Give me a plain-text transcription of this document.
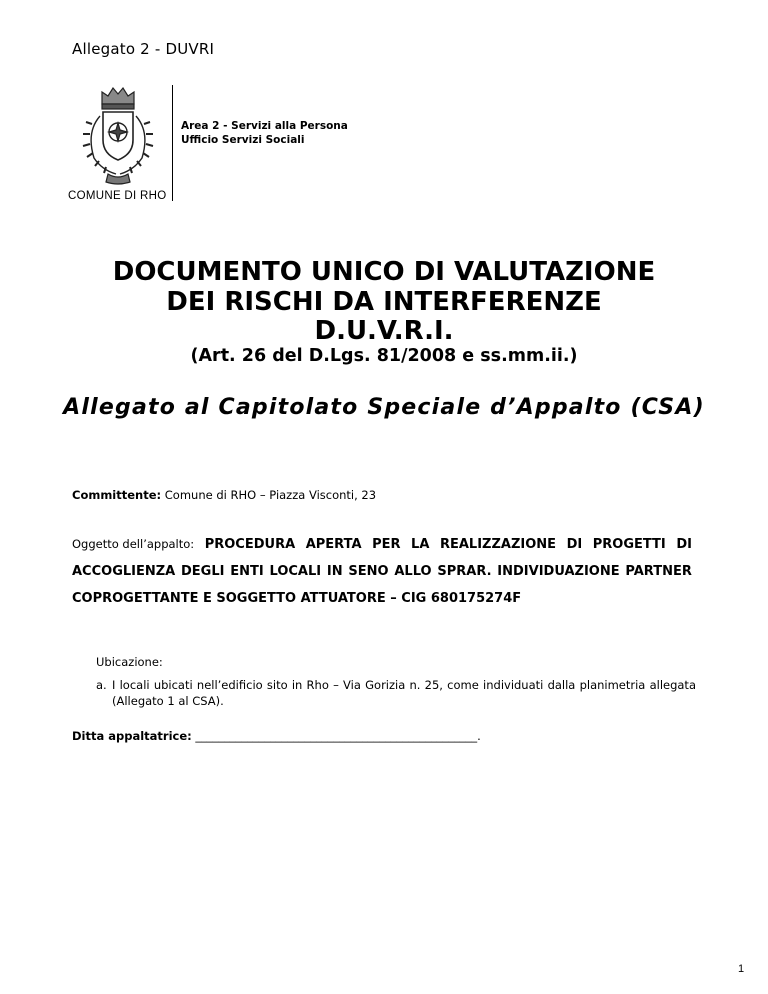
Allegato 2 - DUVRI
COMUNE DI RHO
Area 2 - Servizi alla Persona
Ufficio Servizi Sociali
DOCUMENTO UNICO DI VALUTAZIONE
DEI RISCHI DA INTERFERENZE
D.U.V.R.I.
(Art. 26 del D.Lgs. 81/2008 e ss.mm.ii.)
Allegato al Capitolato Speciale d’Appalto (CSA)
Committente: Comune di RHO – Piazza Visconti, 23
Oggetto dell’appalto: PROCEDURA APERTA PER LA REALIZZAZIONE DI PROGETTI DI
ACCOGLIENZA DEGLI ENTI LOCALI IN SENO ALLO SPRAR. INDIVIDUAZIONE PARTNER
COPROGETTANTE E SOGGETTO ATTUATORE – CIG 680175274F
Ubicazione:
a. I locali ubicati nell’edificio sito in Rho – Via Gorizia n. 25, come individuati dalla planimetria allegata (Allegato 1 al CSA).
Ditta appaltatrice: _________________________________________________.
1
